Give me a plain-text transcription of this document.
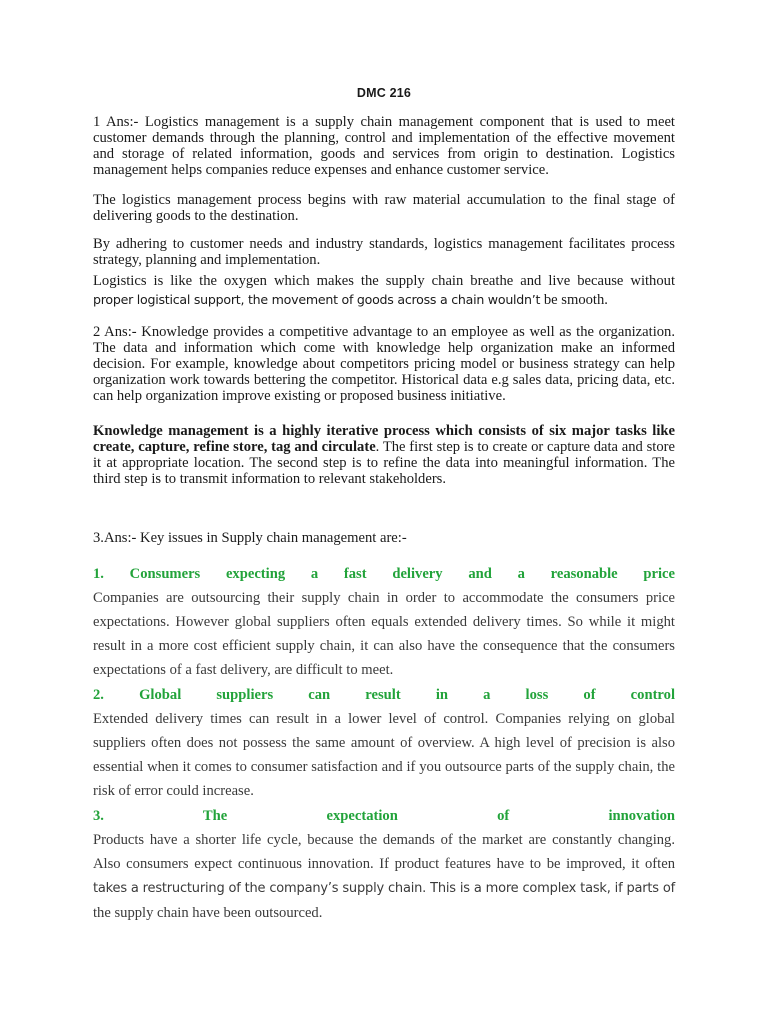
DMC 216

1 Ans:- Logistics management is a supply chain management component that is used to meet customer demands through the planning, control and implementation of the effective movement and storage of related information, goods and services from origin to destination. Logistics management helps companies reduce expenses and enhance customer service.

The logistics management process begins with raw material accumulation to the final stage of delivering goods to the destination.

By adhering to customer needs and industry standards, logistics management facilitates process strategy, planning and implementation.

Logistics is like the oxygen which makes the supply chain breathe and live because without

proper logistical support, the movement of goods across a chain wouldn’t be smooth.

2 Ans:- Knowledge provides a competitive advantage to an employee as well as the organization. The data and information which come with knowledge help organization make an informed decision. For example, knowledge about competitors pricing model or business strategy can help organization work towards bettering the competitor. Historical data e.g sales data, pricing data, etc. can help organization improve existing or proposed business initiative.

Knowledge management is a highly iterative process which consists of six major tasks like create, capture, refine store, tag and circulate. The first step is to create or capture data and store it at appropriate location. The second step is to refine the data into meaningful information. The third step is to transmit information to relevant stakeholders.

3.Ans:- Key issues in Supply chain management are:-

1. Consumers expecting a fast delivery and a reasonable price

Companies are outsourcing their supply chain in order to accommodate the consumers price expectations. However global suppliers often equals extended delivery times. So while it might result in a more cost efficient supply chain, it can also have the consequence that the consumers expectations of a fast delivery, are difficult to meet.

2. Global suppliers can result in a loss of control

Extended delivery times can result in a lower level of control. Companies relying on global suppliers often does not possess the same amount of overview. A high level of precision is also essential when it comes to consumer satisfaction and if you outsource parts of the supply chain, the risk of error could increase.

3. The expectation of innovation

Products have a shorter life cycle, because the demands of the market are constantly changing. Also consumers expect continuous innovation. If product features have to be improved, it often takes a restructuring of the company’s supply chain. This is a more complex task, if parts of the supply chain have been outsourced.
